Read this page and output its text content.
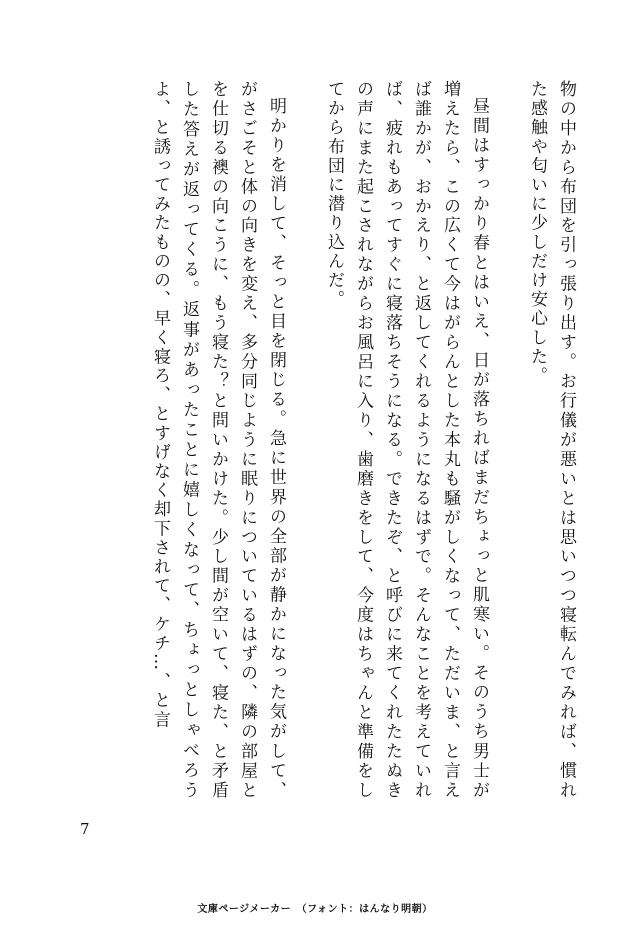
物の中から布団を引っ張り出す。お行儀が悪いとは思いつつ寝転んでみれば、慣れた感触や匂いに少しだけ安心した。

昼間はすっかり春とはいえ、日が落ちればまだちょっと肌寒い。そのうち男士が増えたら、この広くて今はがらんとした本丸も騒がしくなって、ただいま、と言えば誰かが、おかえり、と返してくれるようになるはずで。そんなことを考えていれば、疲れもあってすぐに寝落ちそうになる。できたぞ、と呼びに来てくれたたぬきの声にまた起こされながらお風呂に入り、歯磨きをして、今度はちゃんと準備をしてから布団に潜り込んだ。

明かりを消して、そっと目を閉じる。急に世界の全部が静かになった気がして、がさごそと体の向きを変え、多分同じように眠りについているはずの、隣の部屋とを仕切る襖の向こうに、もう寝た？と問いかけた。少し間が空いて、寝た、と矛盾した答えが返ってくる。返事があったことに嬉しくなって、ちょっとしゃべろうよ、と誘ってみたものの、早く寝ろ、とすげなく却下されて、ケチ…、と言

7
文庫ページメーカー　（フォント：はんなり明朝）
